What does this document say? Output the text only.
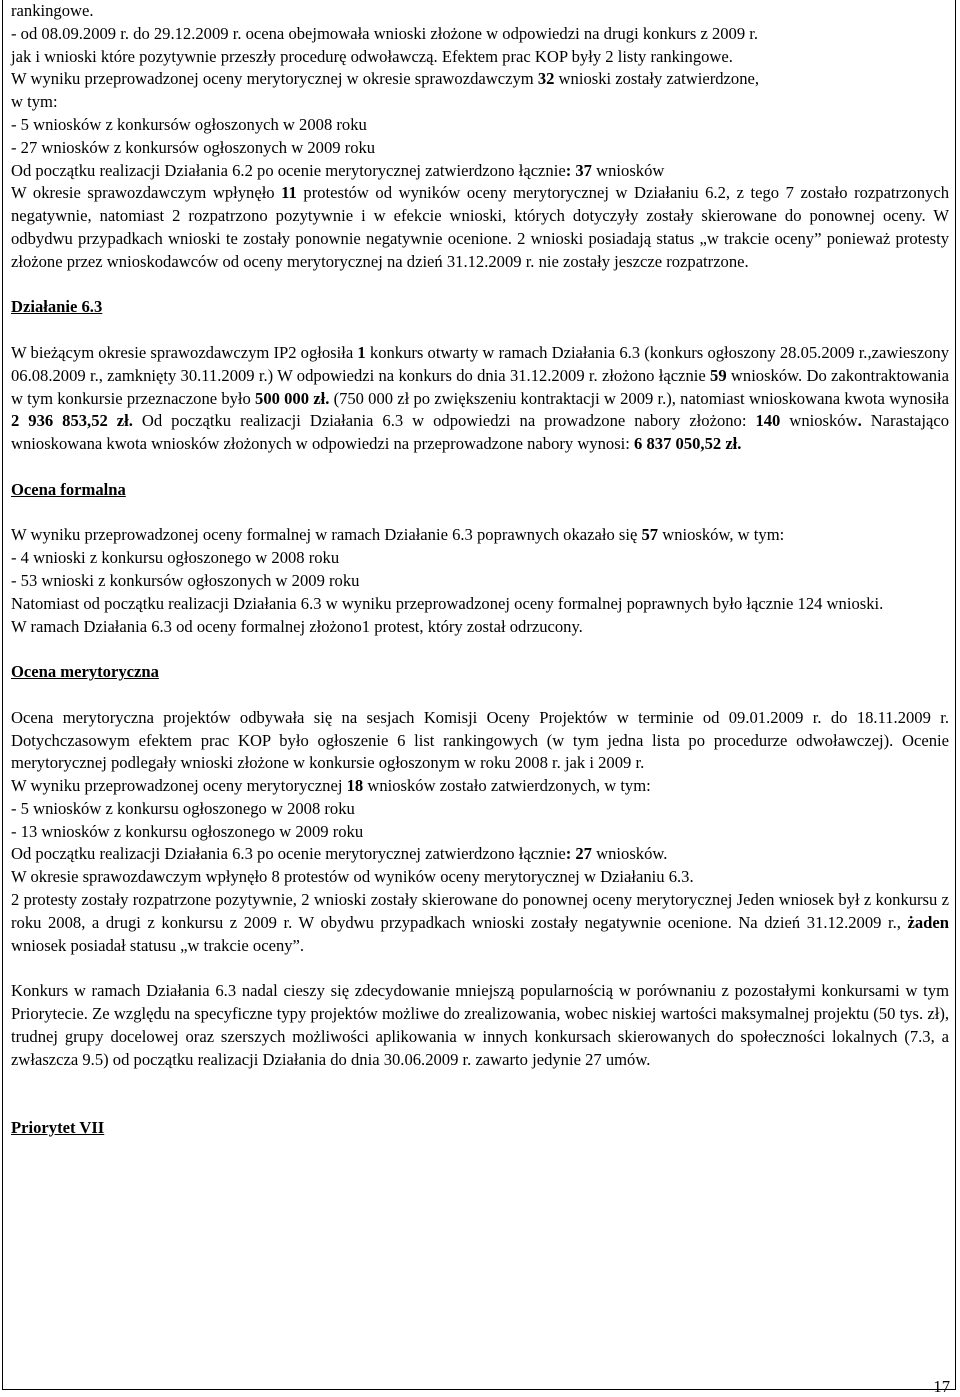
rankingowe.
- od 08.09.2009 r. do 29.12.2009 r. ocena obejmowała wnioski złożone w odpowiedzi na drugi konkurs z 2009 r.
jak i wnioski które pozytywnie przeszły procedurę odwoławczą. Efektem prac KOP były 2 listy rankingowe.
W wyniku przeprowadzonej oceny merytorycznej w okresie sprawozdawczym 32 wnioski zostały zatwierdzone,
w tym:
- 5 wniosków z konkursów ogłoszonych w 2008 roku
- 27 wniosków z konkursów ogłoszonych w 2009 roku
Od początku realizacji Działania 6.2 po ocenie merytorycznej zatwierdzono łącznie: 37 wniosków

W okresie sprawozdawczym wpłynęło 11 protestów od wyników oceny merytorycznej w Działaniu 6.2, z tego 7 zostało rozpatrzonych negatywnie, natomiast 2 rozpatrzono pozytywnie i w efekcie wnioski, których dotyczyły zostały skierowane do ponownej oceny. W odbydwu przypadkach wnioski te zostały ponownie negatywnie ocenione. 2 wnioski posiadają status „w trakcie oceny” ponieważ protesty złożone przez wnioskodawców od oceny merytorycznej na dzień 31.12.2009 r. nie zostały jeszcze rozpatrzone.

Działanie 6.3

W bieżącym okresie sprawozdawczym IP2 ogłosiła 1 konkurs otwarty w ramach Działania 6.3 (konkurs ogłoszony 28.05.2009 r.,zawieszony 06.08.2009 r., zamknięty 30.11.2009 r.) W odpowiedzi na konkurs do dnia 31.12.2009 r. złożono łącznie 59 wniosków. Do zakontraktowania w tym konkursie przeznaczone było 500 000 zł. (750 000 zł po zwiększeniu kontraktacji w 2009 r.), natomiast wnioskowana kwota wynosiła 2 936 853,52 zł. Od początku realizacji Działania 6.3 w odpowiedzi na prowadzone nabory złożono: 140 wniosków. Narastająco wnioskowana kwota wniosków złożonych w odpowiedzi na przeprowadzone nabory wynosi: 6 837 050,52 zł.

Ocena formalna

W wyniku przeprowadzonej oceny formalnej w ramach Działanie 6.3 poprawnych okazało się 57 wniosków, w tym:

- 4 wnioski z konkursu ogłoszonego w 2008 roku
- 53 wnioski z konkursów ogłoszonych w 2009 roku

Natomiast od początku realizacji Działania 6.3 w wyniku przeprowadzonej oceny formalnej poprawnych było łącznie 124 wnioski.

W ramach Działania 6.3 od oceny formalnej złożono1 protest, który został odrzucony.

Ocena merytoryczna

Ocena merytoryczna projektów odbywała się na sesjach Komisji Oceny Projektów w terminie od 09.01.2009 r. do 18.11.2009 r. Dotychczasowym efektem prac KOP było ogłoszenie 6 list rankingowych (w tym jedna lista po procedurze odwoławczej). Ocenie merytorycznej podlegały wnioski złożone w konkursie ogłoszonym w roku 2008 r. jak i 2009 r.

W wyniku przeprowadzonej oceny merytorycznej 18 wniosków zostało zatwierdzonych, w tym:
- 5 wniosków z konkursu ogłoszonego w 2008 roku
- 13 wniosków z konkursu ogłoszonego w 2009 roku
Od początku realizacji Działania 6.3 po ocenie merytorycznej zatwierdzono łącznie: 27 wniosków.
W okresie sprawozdawczym wpłynęło 8 protestów od wyników oceny merytorycznej w Działaniu 6.3.

2 protesty zostały rozpatrzone pozytywnie, 2 wnioski zostały skierowane do ponownej oceny merytorycznej Jeden wniosek był z konkursu z roku 2008, a drugi z konkursu z 2009 r. W obydwu przypadkach wnioski zostały negatywnie ocenione. Na dzień 31.12.2009 r., żaden wniosek posiadał statusu „w trakcie oceny”.

Konkurs w ramach Działania 6.3 nadal cieszy się zdecydowanie mniejszą popularnością w porównaniu z pozostałymi konkursami w tym Priorytecie. Ze względu na specyficzne typy projektów możliwe do zrealizowania, wobec niskiej wartości maksymalnej projektu (50 tys. zł), trudnej grupy docelowej oraz szerszych możliwości aplikowania w innych konkursach skierowanych do społeczności lokalnych (7.3, a zwłaszcza 9.5) od początku realizacji Działania do dnia 30.06.2009 r. zawarto jedynie 27 umów.

Priorytet VII

17
